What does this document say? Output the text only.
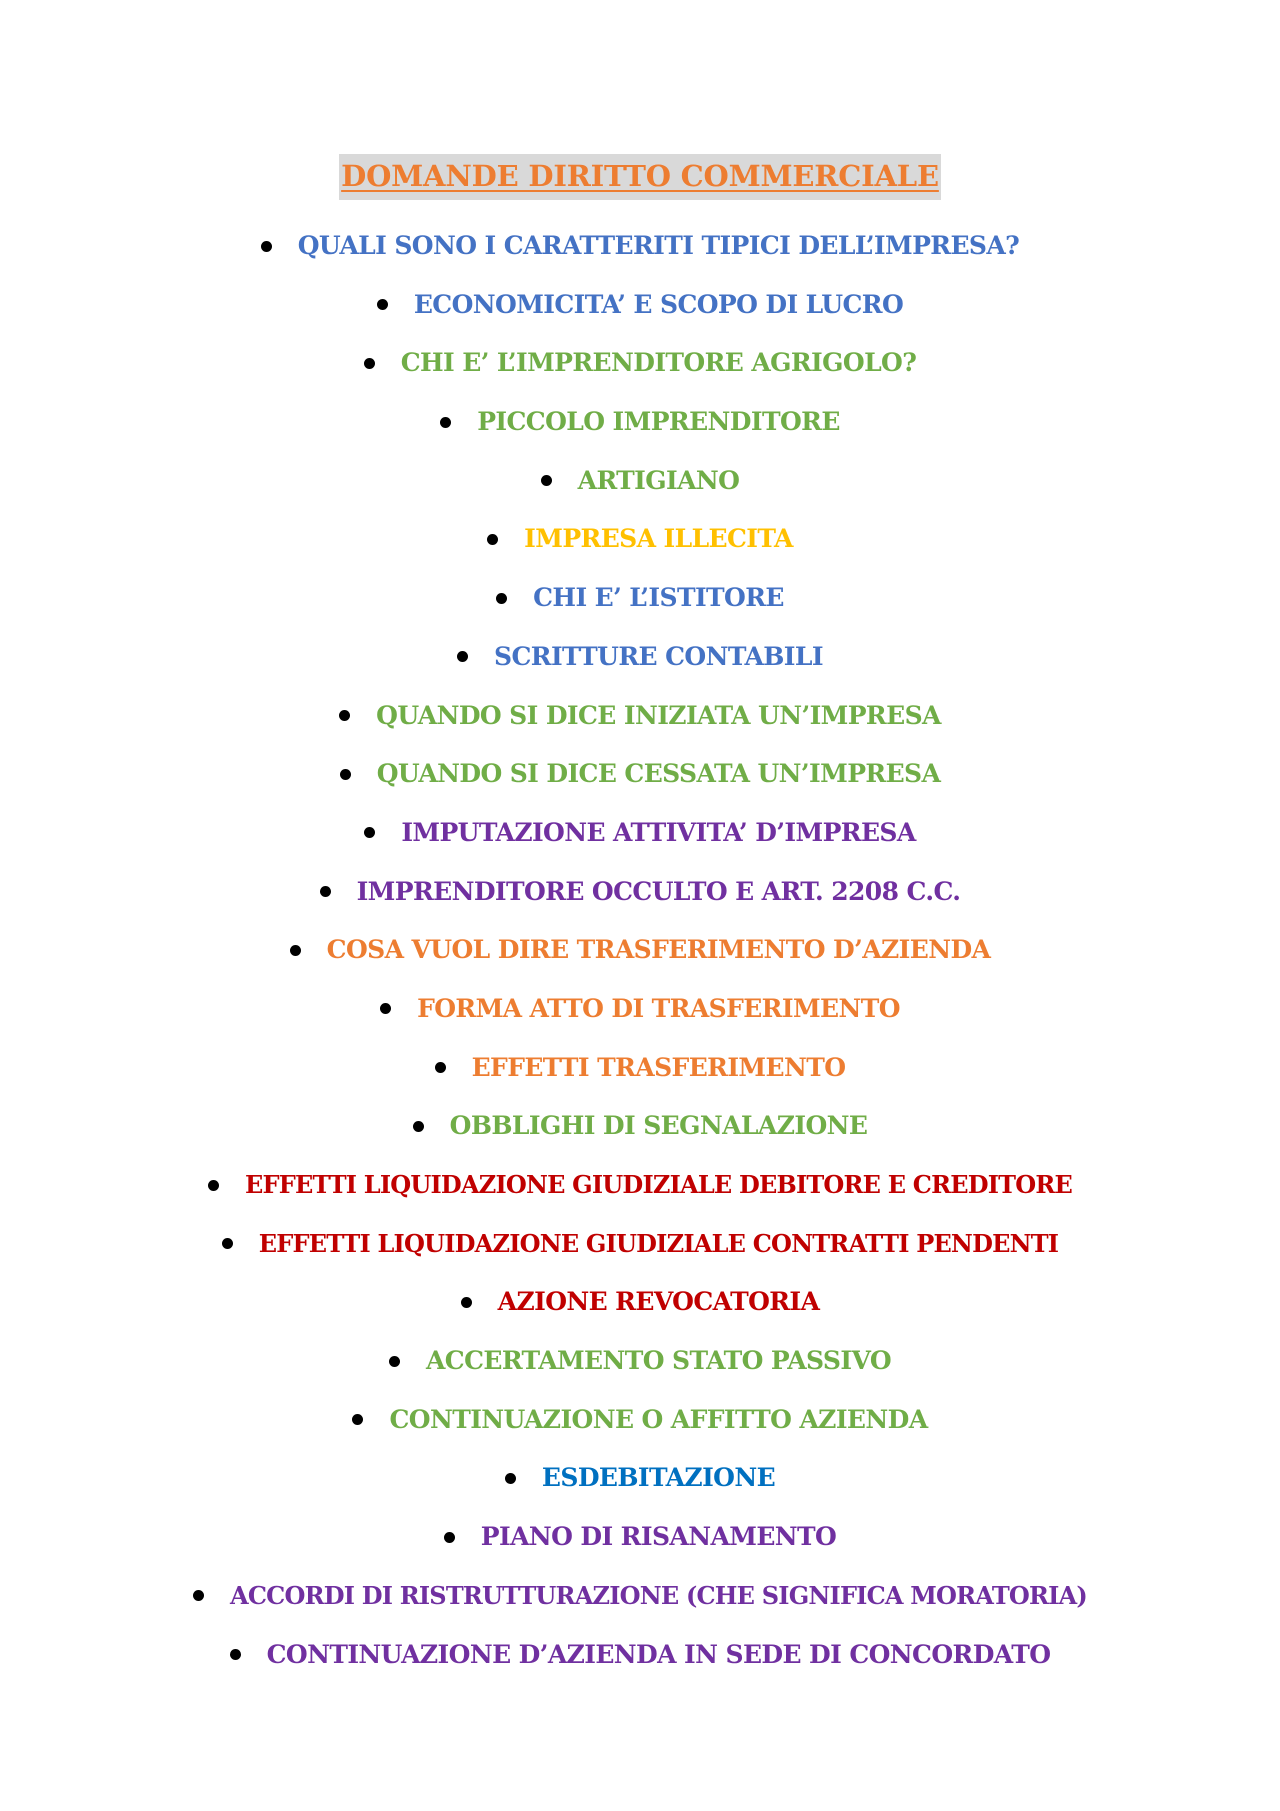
DOMANDE DIRITTO COMMERCIALE
QUALI SONO I CARATTERITI TIPICI DELL’IMPRESA?
ECONOMICITA’ E SCOPO DI LUCRO
CHI E’ L’IMPRENDITORE AGRIGOLO?
PICCOLO IMPRENDITORE
ARTIGIANO
IMPRESA ILLECITA
CHI E’ L’ISTITORE
SCRITTURE CONTABILI
QUANDO SI DICE INIZIATA UN’IMPRESA
QUANDO SI DICE CESSATA UN’IMPRESA
IMPUTAZIONE ATTIVITA’ D’IMPRESA
IMPRENDITORE OCCULTO E ART. 2208 C.C.
COSA VUOL DIRE TRASFERIMENTO D’AZIENDA
FORMA ATTO DI TRASFERIMENTO
EFFETTI TRASFERIMENTO
OBBLIGHI DI SEGNALAZIONE
EFFETTI LIQUIDAZIONE GIUDIZIALE DEBITORE E CREDITORE
EFFETTI LIQUIDAZIONE GIUDIZIALE CONTRATTI PENDENTI
AZIONE REVOCATORIA
ACCERTAMENTO STATO PASSIVO
CONTINUAZIONE O AFFITTO AZIENDA
ESDEBITAZIONE
PIANO DI RISANAMENTO
ACCORDI DI RISTRUTTURAZIONE (CHE SIGNIFICA MORATORIA)
CONTINUAZIONE D’AZIENDA IN SEDE DI CONCORDATO
